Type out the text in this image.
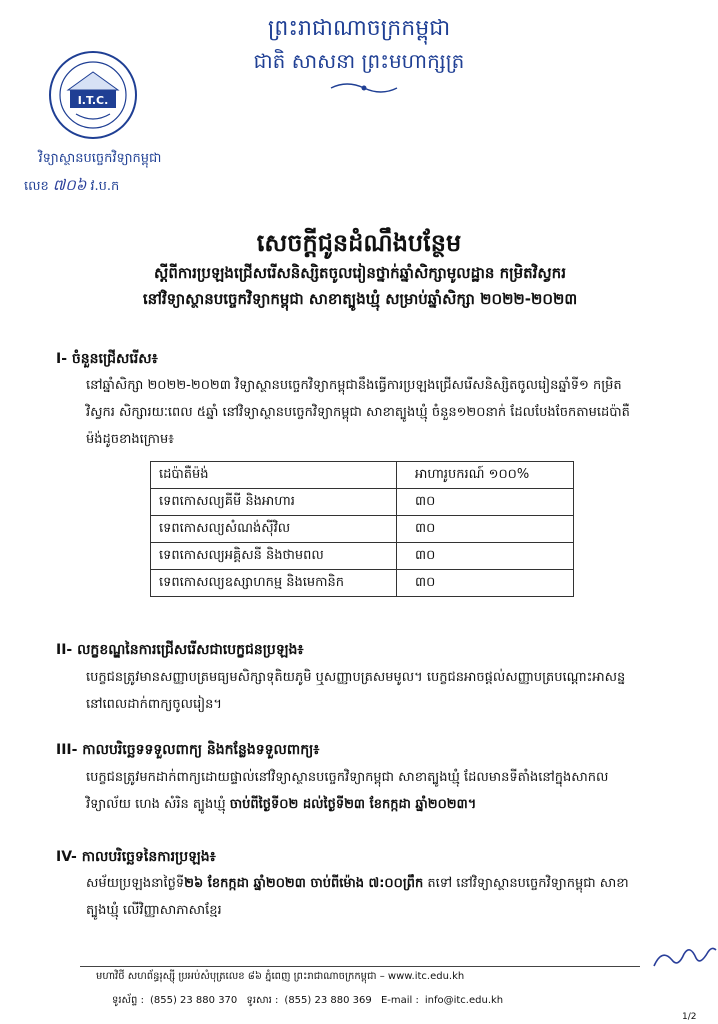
ព្រះរាជាណាចក្រកម្ពុជា
ជាតិ សាសនា ព្រះមហាក្សត្រ
I.T.C.
វិទ្យាស្ថានបច្ចេកវិទ្យាកម្ពុជា
លេខ ៧០៦ វ.ប.ក
សេចក្ដីជូនដំណឹងបន្ថែម
ស្ដីពីការប្រឡងជ្រើសរើសនិស្សិតចូលរៀនថ្នាក់ឆ្នាំសិក្សាមូលដ្ឋាន កម្រិតវិស្វករ
នៅវិទ្យាស្ថានបច្ចេកវិទ្យាកម្ពុជា សាខាត្បូងឃ្មុំ សម្រាប់ឆ្នាំសិក្សា ២០២២-២០២៣
I- ចំនួនជ្រើសរើស៖
នៅឆ្នាំសិក្សា ២០២២-២០២៣ វិទ្យាស្ថានបច្ចេកវិទ្យាកម្ពុជានឹងធ្វើការប្រឡងជ្រើសរើសនិស្សិតចូលរៀនឆ្នាំទី១ កម្រិតវិស្វករ សិក្សារយៈពេល ៥ឆ្នាំ នៅវិទ្យាស្ថានបច្ចេកវិទ្យាកម្ពុជា សាខាត្បូងឃ្មុំ ចំនួន១២០នាក់ ដែលបែងចែកតាមដេប៉ាតឺម៉ង់ដូចខាងក្រោម៖
ដេប៉ាតឺម៉ង់	អាហារូបករណ៍ ១០០%
ទេពកោសល្យគីមី និងអាហារ	៣០
ទេពកោសល្យសំណង់ស៊ីវិល	៣០
ទេពកោសល្យអគ្គិសនី និងថាមពល	៣០
ទេពកោសល្យឧស្សាហកម្ម និងមេកានិក	៣០
II- លក្ខខណ្ឌនៃការជ្រើសរើសជាបេក្ខជនប្រឡង៖
បេក្ខជនត្រូវមានសញ្ញាបត្រមធ្យមសិក្សាទុតិយភូមិ ឬសញ្ញាបត្រសមមូល។ បេក្ខជនអាចផ្ដល់សញ្ញាបត្របណ្ដោះអាសន្ននៅពេលដាក់ពាក្យចូលរៀន។
III- កាលបរិច្ឆេទទទួលពាក្យ និងកន្លែងទទួលពាក្យ៖
បេក្ខជនត្រូវមកដាក់ពាក្យដោយផ្ទាល់នៅវិទ្យាស្ថានបច្ចេកវិទ្យាកម្ពុជា សាខាត្បូងឃ្មុំ ដែលមានទីតាំងនៅក្នុងសាកលវិទ្យាល័យ ហេង សំរិន ត្បូងឃ្មុំ ចាប់ពីថ្ងៃទី០២ ដល់ថ្ងៃទី២៣ ខែកក្កដា ឆ្នាំ២០២៣។
IV- កាលបរិច្ឆេទនៃការប្រឡង៖
សម័យប្រឡងនាថ្ងៃទី២៦ ខែកក្កដា ឆ្នាំ២០២៣ ចាប់ពីម៉ោង ៧:០០ព្រឹក តទៅ នៅវិទ្យាស្ថានបច្ចេកវិទ្យាកម្ពុជា សាខាត្បូងឃ្មុំ លើវិញ្ញាសាភាសាខ្មែរ
មហាវិថី សហព័ន្ធរុស្ស៊ី ប្រអប់សំបុត្រលេខ ៨៦ ភ្នំពេញ ព្រះរាជាណាចក្រកម្ពុជា – www.itc.edu.kh
ទូរស័ព្ទ : (855) 23 880 370 ទូរសារ : (855) 23 880 369 E-mail : info@itc.edu.kh
1/2
